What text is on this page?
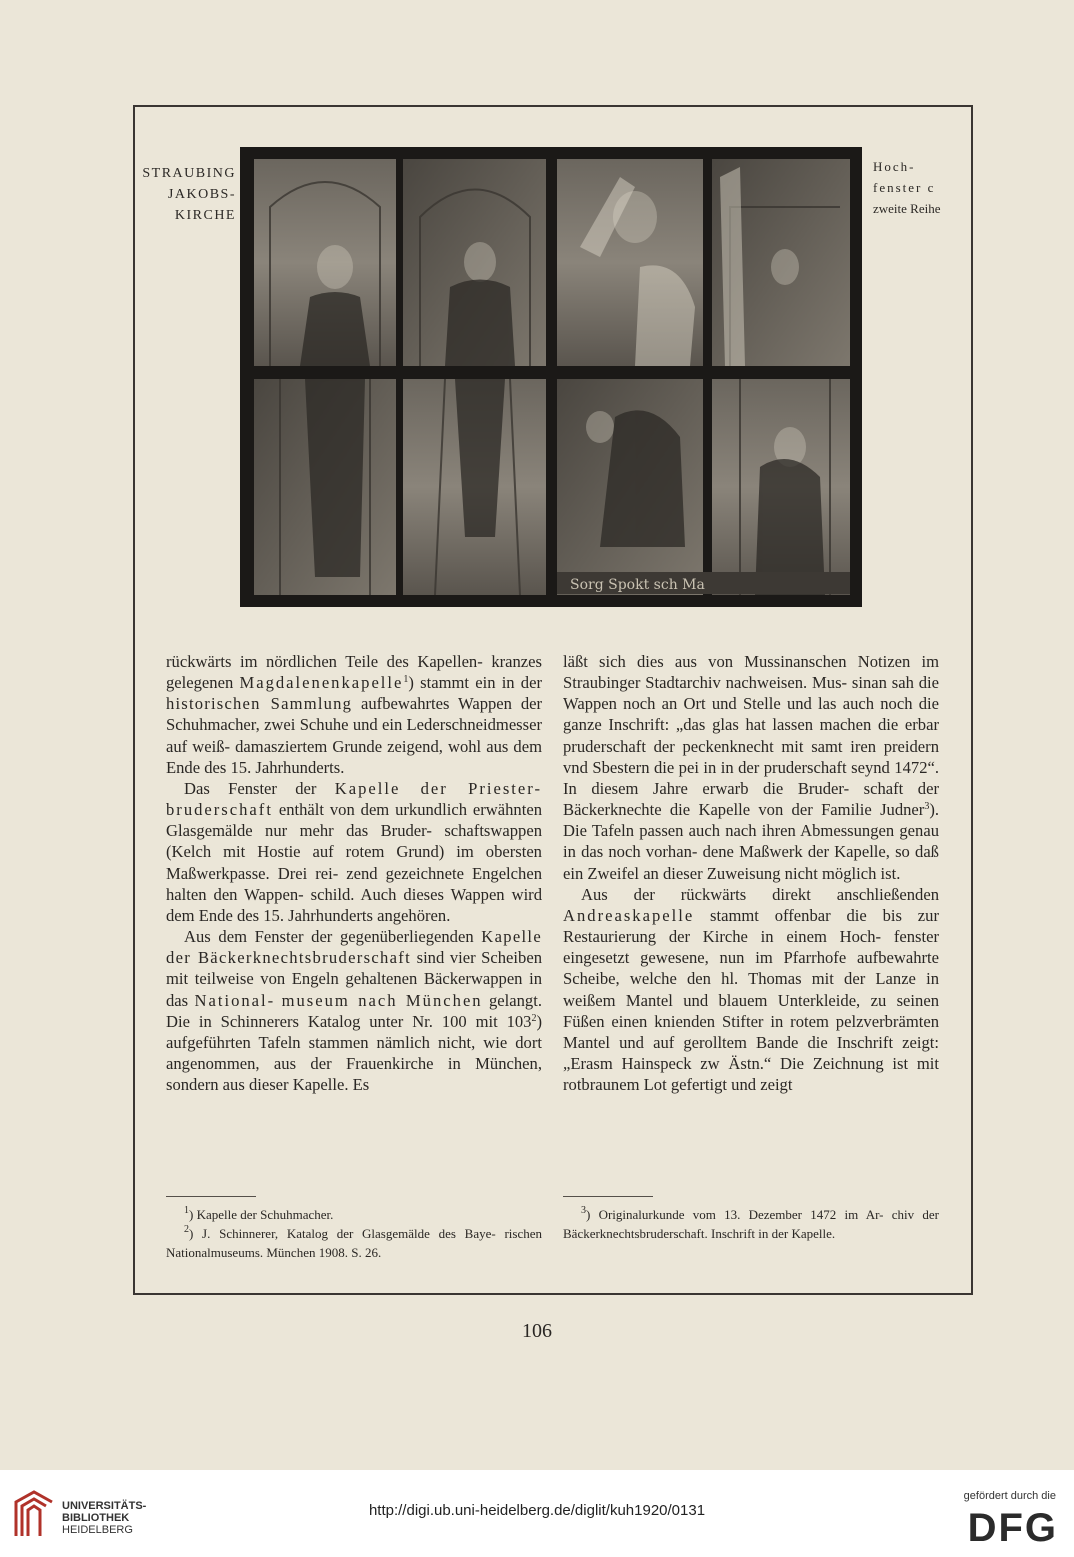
STRAUBING
JAKOBS-
KIRCHE
Hoch-
fenster c
zweite Reihe
Sorg Spokt sch Ma

rückwärts im nördlichen Teile des Kapellen- kranzes gelegenen Magdalenenkapelle$^1$) stammt ein in der historischen Sammlung aufbewahrtes Wappen der Schuhmacher, zwei Schuhe und ein Lederschneidmesser auf weiß- damasziertem Grunde zeigend, wohl aus dem Ende des 15. Jahrhunderts.

Das Fenster der Kapelle der Priester- bruderschaft enthält von dem urkundlich erwähnten Glasgemälde nur mehr das Bruder- schaftswappen (Kelch mit Hostie auf rotem Grund) im obersten Maßwerkpasse. Drei rei- zend gezeichnete Engelchen halten den Wappen- schild. Auch dieses Wappen wird dem Ende des 15. Jahrhunderts angehören.

Aus dem Fenster der gegenüberliegenden Kapelle der Bäckerknechtsbruderschaft sind vier Scheiben mit teilweise von Engeln gehaltenen Bäckerwappen in das National- museum nach München gelangt. Die in Schinnerers Katalog unter Nr. 100 mit $103^2$) aufgeführten Tafeln stammen nämlich nicht, wie dort angenommen, aus der Frauenkirche in München, sondern aus dieser Kapelle. Es

läßt sich dies aus von Mussinanschen Notizen im Straubinger Stadtarchiv nachweisen. Mus- sinan sah die Wappen noch an Ort und Stelle und las auch noch die ganze Inschrift: „das glas hat lassen machen die erbar pruderschaft der peckenknecht mit samt iren preidern vnd Sbestern die pei in in der pruderschaft seynd 1472“. In diesem Jahre erwarb die Bruder- schaft der Bäckerknechte die Kapelle von der Familie Judner$^3$). Die Tafeln passen auch nach ihren Abmessungen genau in das noch vorhan- dene Maßwerk der Kapelle, so daß ein Zweifel an dieser Zuweisung nicht möglich ist.

Aus der rückwärts direkt anschließenden Andreaskapelle stammt offenbar die bis zur Restaurierung der Kirche in einem Hoch- fenster eingesetzt gewesene, nun im Pfarrhofe aufbewahrte Scheibe, welche den hl. Thomas mit der Lanze in weißem Mantel und blauem Unterkleide, zu seinen Füßen einen knienden Stifter in rotem pelzverbrämten Mantel und auf gerolltem Bande die Inschrift zeigt: „Erasm Hainspeck zw Ästn.“ Die Zeichnung ist mit rotbraunem Lot gefertigt und zeigt

$^1$) Kapelle der Schuhmacher.

$^2$) J. Schinnerer, Katalog der Glasgemälde des Baye- rischen Nationalmuseums. München 1908. S. 26.

$^3$) Originalurkunde vom 13. Dezember 1472 im Ar- chiv der Bäckerknechtsbruderschaft. Inschrift in der Kapelle.

106
UNIVERSITÄTS-
BIBLIOTHEK
HEIDELBERG
http://digi.ub.uni-heidelberg.de/diglit/kuh1920/0131
gefördert durch die
DFG
